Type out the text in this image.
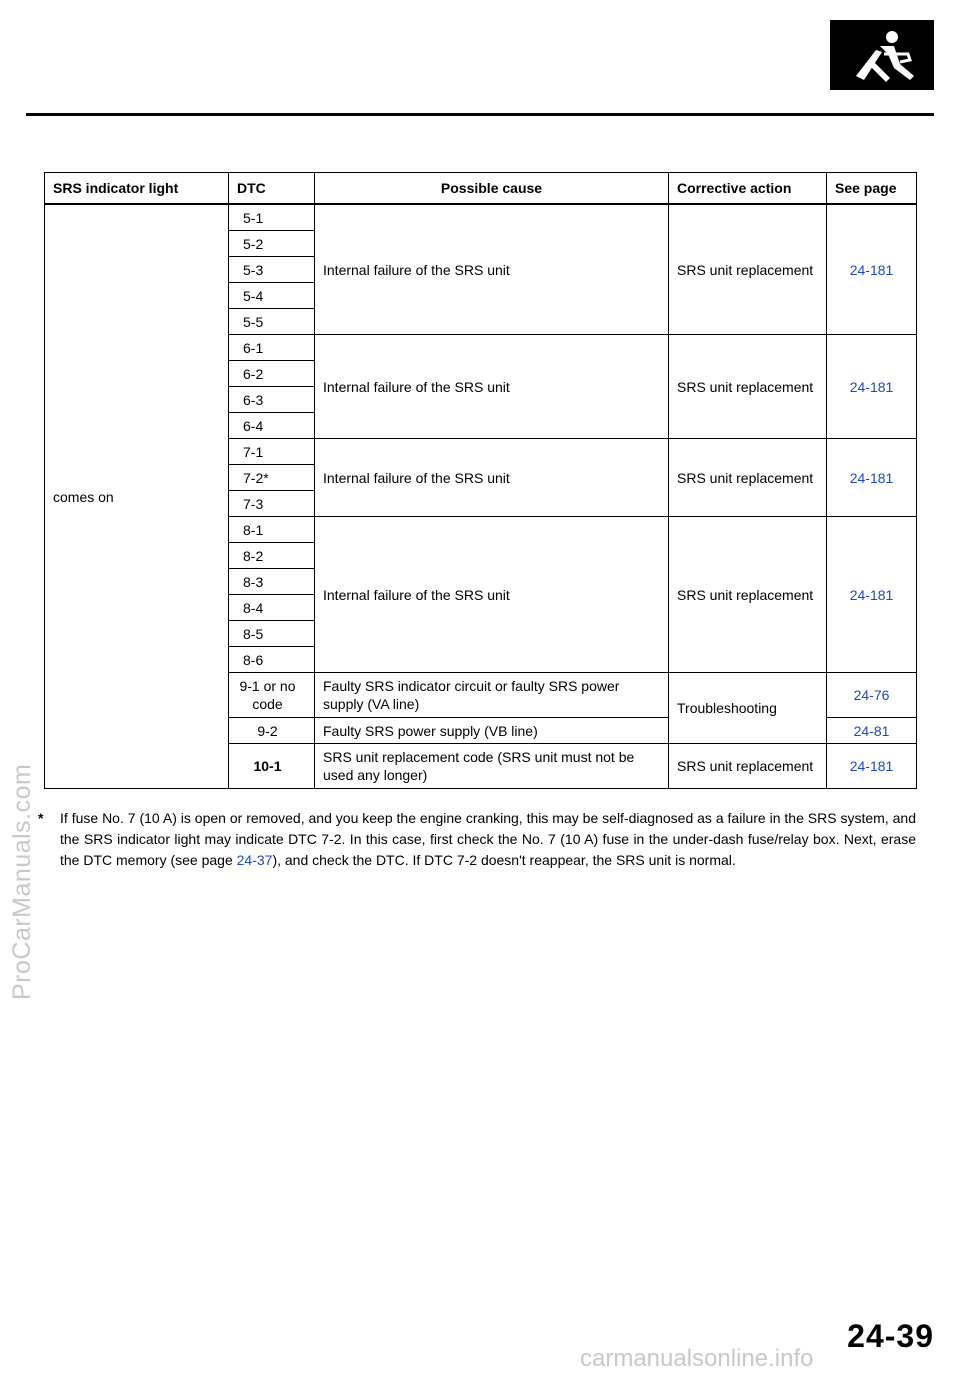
ProCarManuals.com
SRS indicator light	DTC	Possible cause	Corrective action	See page
comes on	5-1	Internal failure of the SRS unit	SRS unit replacement	24-181
	5-2			
	5-3			
	5-4			
	5-5			
	6-1	Internal failure of the SRS unit	SRS unit replacement	24-181
	6-2			
	6-3			
	6-4			
	7-1	Internal failure of the SRS unit	SRS unit replacement	24-181
	7-2*			
	7-3			
	8-1	Internal failure of the SRS unit	SRS unit replacement	24-181
	8-2			
	8-3			
	8-4			
	8-5			
	8-6			
	9-1 or no code	Faulty SRS indicator circuit or faulty SRS power supply (VA line)	Troubleshooting	24-76
	9-2	Faulty SRS power supply (VB line)		24-81
	10-1	SRS unit replacement code (SRS unit must not be used any longer)	SRS unit replacement	24-181
*	If fuse No. 7 (10 A) is open or removed, and you keep the engine cranking, this may be self-diagnosed as a failure in the SRS system, and the SRS indicator light may indicate DTC 7-2. In this case, first check the No. 7 (10 A) fuse in the under-dash fuse/relay box. Next, erase the DTC memory (see page 24-37), and check the DTC. If DTC 7-2 doesn't reappear, the SRS unit is normal.
24-39
carmanualsonline.info
